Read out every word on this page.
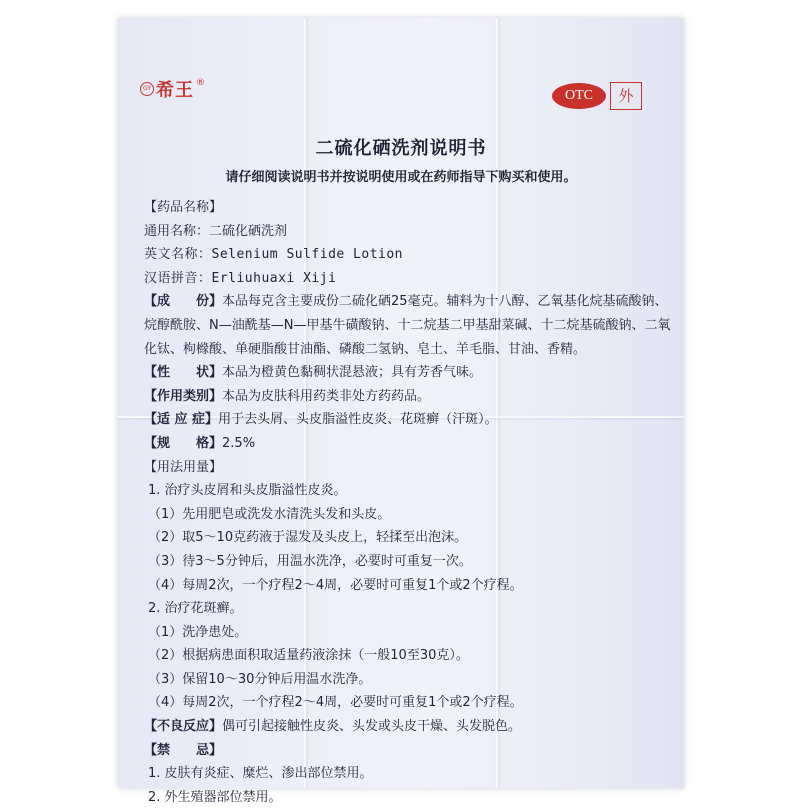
GY 希王 ®
OTC	外
二硫化硒洗剂说明书
请仔细阅读说明书并按说明使用或在药师指导下购买和使用。
【药品名称】
通用名称：二硫化硒洗剂
英文名称：Selenium Sulfide Lotion
汉语拼音：Erliuhuaxi Xiji
【成　　份】本品每克含主要成份二硫化硒25毫克。辅料为十八醇、乙氧基化烷基硫酸钠、烷醇酰胺、N—油酰基—N—甲基牛磺酸钠、十二烷基二甲基甜菜碱、十二烷基硫酸钠、二氧化钛、枸橼酸、单硬脂酸甘油酯、磷酸二氢钠、皂土、羊毛脂、甘油、香精。
【性　　状】本品为橙黄色黏稠状混悬液；具有芳香气味。
【作用类别】本品为皮肤科用药类非处方药药品。
【适 应 症】用于去头屑、头皮脂溢性皮炎、花斑癣（汗斑）。
【规　　格】2.5%
【用法用量】
1. 治疗头皮屑和头皮脂溢性皮炎。
（1）先用肥皂或洗发水清洗头发和头皮。
（2）取5～10克药液于湿发及头皮上，轻揉至出泡沫。
（3）待3～5分钟后，用温水洗净，必要时可重复一次。
（4）每周2次，一个疗程2～4周，必要时可重复1个或2个疗程。
2. 治疗花斑癣。
（1）洗净患处。
（2）根据病患面积取适量药液涂抹（一般10至30克）。
（3）保留10～30分钟后用温水洗净。
（4）每周2次，一个疗程2～4周，必要时可重复1个或2个疗程。
【不良反应】偶可引起接触性皮炎、头发或头皮干燥、头发脱色。
【禁　　忌】
1. 皮肤有炎症、糜烂、渗出部位禁用。
2. 外生殖器部位禁用。
